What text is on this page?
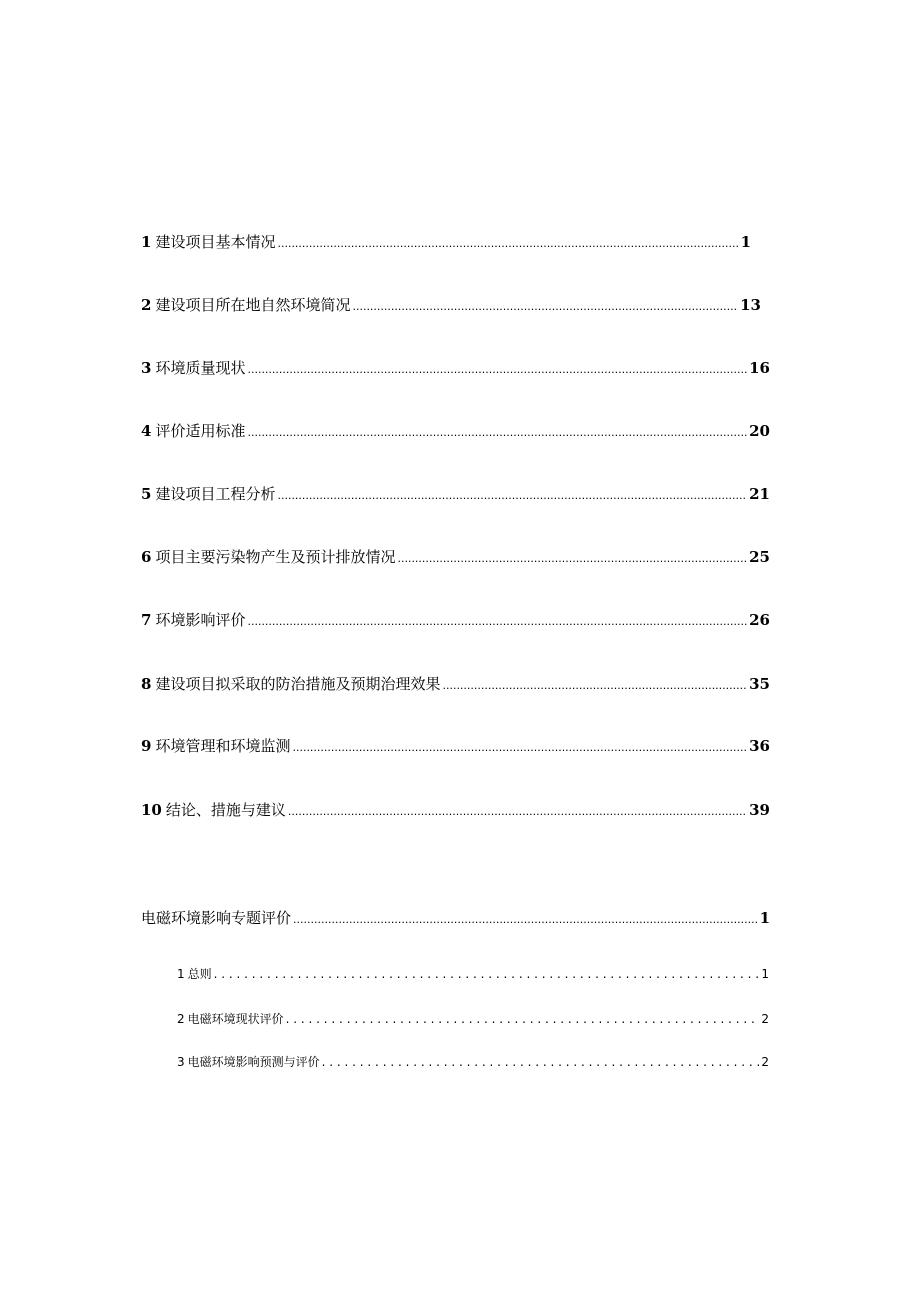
1 建设项目基本情况 .....	1
2 建设项目所在地自然环境简况 .....	13
3 环境质量现状 .....	16
4 评价适用标准 .....	20
5 建设项目工程分析 .....	21
6 项目主要污染物产生及预计排放情况 .....	25
7 环境影响评价 .....	26
8 建设项目拟采取的防治措施及预期治理效果 .....	35
9 环境管理和环境监测 .....	36
10 结论、措施与建议 .....	39
电磁环境影响专题评价 .....	1
1 总则 . . .	1
2 电磁环境现状评价 . . .	2
3 电磁环境影响预测与评价 . . .	2
